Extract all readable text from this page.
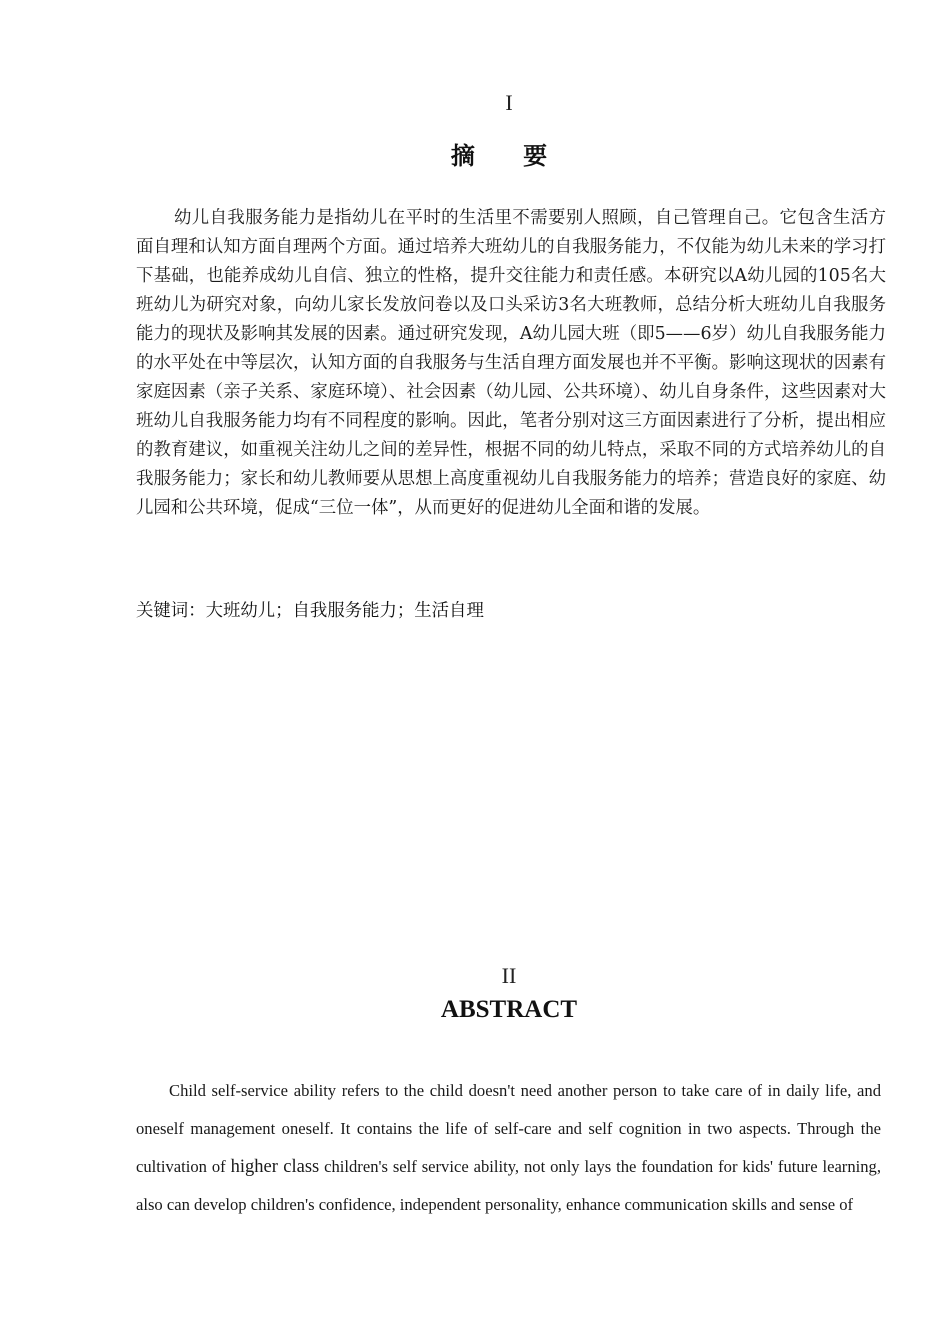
I
摘 要

幼儿自我服务能力是指幼儿在平时的生活里不需要别人照顾，自己管理自己。它包含生活方面自理和认知方面自理两个方面。通过培养大班幼儿的自我服务能力，不仅能为幼儿未来的学习打下基础，也能养成幼儿自信、独立的性格，提升交往能力和责任感。本研究以A幼儿园的105名大班幼儿为研究对象，向幼儿家长发放问卷以及口头采访3名大班教师，总结分析大班幼儿自我服务能力的现状及影响其发展的因素。通过研究发现，A幼儿园大班（即5——6岁）幼儿自我服务能力的水平处在中等层次，认知方面的自我服务与生活自理方面发展也并不平衡。影响这现状的因素有家庭因素（亲子关系、家庭环境）、社会因素（幼儿园、公共环境）、幼儿自身条件，这些因素对大班幼儿自我服务能力均有不同程度的影响。因此，笔者分别对这三方面因素进行了分析，提出相应的教育建议，如重视关注幼儿之间的差异性，根据不同的幼儿特点，采取不同的方式培养幼儿的自我服务能力；家长和幼儿教师要从思想上高度重视幼儿自我服务能力的培养；营造良好的家庭、幼儿园和公共环境，促成“三位一体”，从而更好的促进幼儿全面和谐的发展。

关键词：大班幼儿；自我服务能力；生活自理

II
ABSTRACT

Child self-service ability refers to the child doesn't need another person to take care of in daily life, and oneself management oneself. It contains the life of self-care and self cognition in two aspects. Through the cultivation of higher class children's self service ability, not only lays the foundation for kids' future learning, also can develop children's confidence, independent personality, enhance communication skills and sense of
